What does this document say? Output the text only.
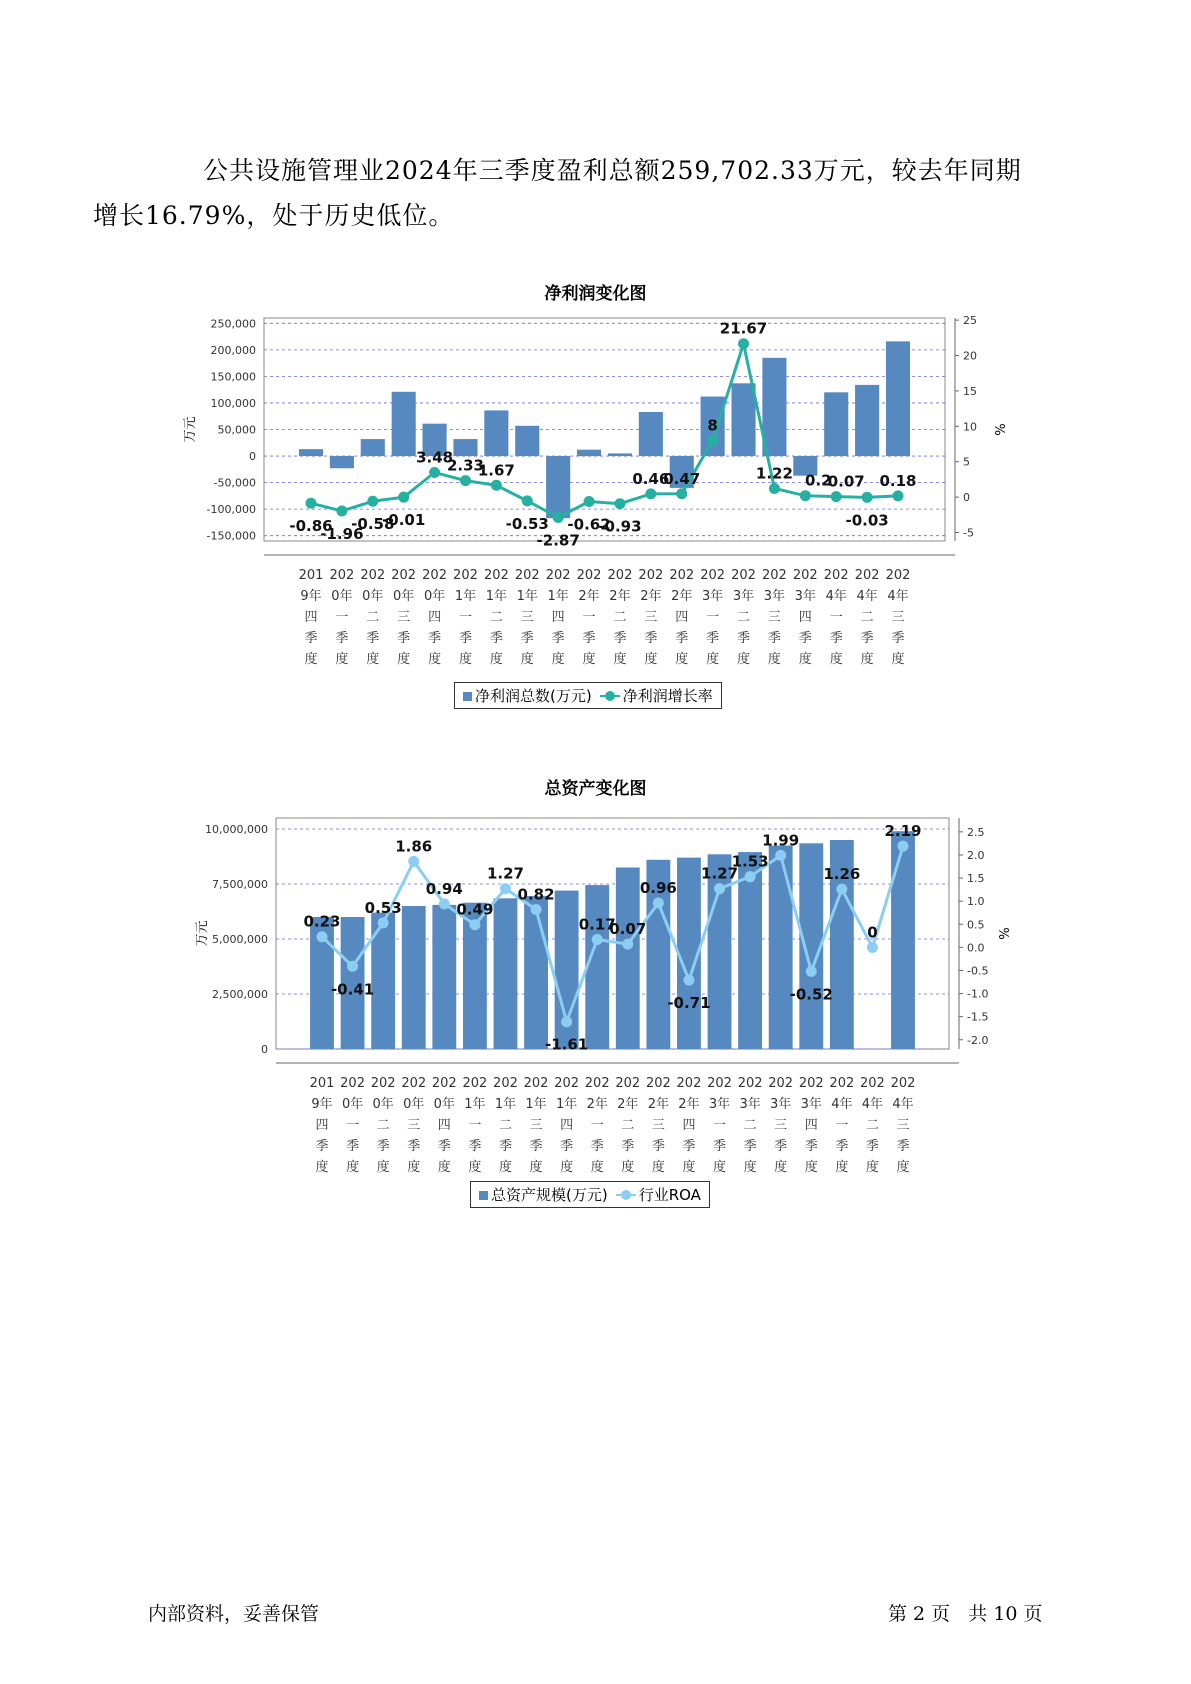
公共设施管理业2024年三季度盈利总额259,702.33万元，较去年同期
增长16.79%，处于历史低位。

净利润变化图
250,000
200,000
150,000
100,000
50,000
0
-50,000
-100,000
-150,000
25
20
15
10
5
0
-5
万元	%
201
9年
四
季
度
202
0年
一
季
度
202
0年
二
季
度
202
0年
三
季
度
202
0年
四
季
度
202
1年
一
季
度
202
1年
二
季
度
202
1年
三
季
度
202
1年
四
季
度
202
2年
一
季
度
202
2年
二
季
度
202
2年
三
季
度
202
2年
四
季
度
202
3年
一
季
度
202
3年
二
季
度
202
3年
三
季
度
202
3年
四
季
度
202
4年
一
季
度
202
4年
二
季
度
202
4年
三
季
度
-0.86
-1.96
-0.58
-0.01
3.48
2.33
1.67
-0.53
-2.87
-0.62
-0.93
0.46
0.47
8
21.67
1.22 0.2
0.07
-0.03
0.18
净利润总数(万元)	净利润增长率
总资产变化图
10,000,000
7,500,000
5,000,000
2,500,000
0
2.5
2.0
1.5
1.0
0.5
0.0
-0.5
-1.0
-1.5
-2.0
万元	%
201
9年
四
季
度
202
0年
一
季
度
202
0年
二
季
度
202
0年
三
季
度
202
0年
四
季
度
202
1年
一
季
度
202
1年
二
季
度
202
1年
三
季
度
202
1年
四
季
度
202
2年
一
季
度
202
2年
二
季
度
202
2年
三
季
度
202
2年
四
季
度
202
3年
一
季
度
202
3年
二
季
度
202
3年
三
季
度
202
3年
四
季
度
202
4年
一
季
度
202
4年
二
季
度
202
4年
三
季
度
0.23
-0.41
0.53
1.86
0.94
0.49
1.27
0.82
-1.61
0.17
0.07
0.96
-0.71
1.27
1.53
1.99
-0.52
1.26
0
2.19
总资产规模(万元)	行业ROA
内部资料，妥善保管	第 2 页   共 10 页
